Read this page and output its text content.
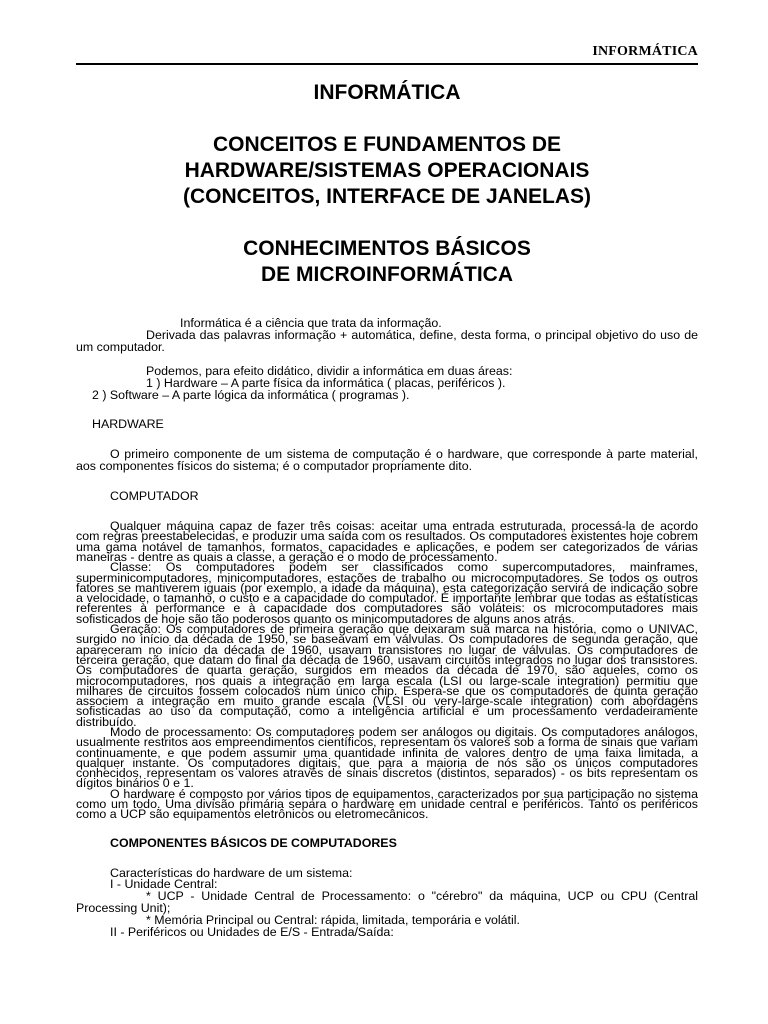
INFORMÁTICA
INFORMÁTICA
CONCEITOS E FUNDAMENTOS DE
HARDWARE/SISTEMAS OPERACIONAIS
(CONCEITOS, INTERFACE DE JANELAS)
CONHECIMENTOS BÁSICOS
DE MICROINFORMÁTICA

Informática é a ciência que trata da informação.

Derivada das palavras informação + automática, define, desta forma, o principal objetivo do uso de um computador.

Podemos, para efeito didático, dividir a informática em duas áreas:

1 ) Hardware – A parte física da informática ( placas, periféricos ).

2 ) Software – A parte lógica da informática ( programas ).

HARDWARE

O primeiro componente de um sistema de computação é o hardware, que corresponde à parte material, aos componentes físicos do sistema; é o computador propriamente dito.

COMPUTADOR

Qualquer máquina capaz de fazer três coisas: aceitar uma entrada estruturada, processá-la de acordo com regras preestabelecidas, e produzir uma saída com os resultados. Os computadores existentes hoje cobrem uma gama notável de tamanhos, formatos, capacidades e aplicações, e podem ser categorizados de várias maneiras - dentre as quais a classe, a geração e o modo de processamento.

Classe: Os computadores podem ser classificados como supercomputadores, mainframes, superminicomputadores, minicomputadores, estações de trabalho ou microcomputadores. Se todos os outros fatores se mantiverem iguais (por exemplo, a idade da máquina), esta categorização servirá de indicação sobre a velocidade, o tamanho, o custo e a capacidade do computador. É importante lembrar que todas as estatísticas referentes à performance e à capacidade dos computadores são voláteis: os microcomputadores mais sofisticados de hoje são tão poderosos quanto os minicomputadores de alguns anos atrás.

Geração: Os computadores de primeira geração que deixaram sua marca na história, como o UNIVAC, surgido no início da década de 1950, se baseavam em válvulas. Os computadores de segunda geração, que apareceram no início da década de 1960, usavam transistores no lugar de válvulas. Os computadores de terceira geração, que datam do final da década de 1960, usavam circuitos integrados no lugar dos transistores. Os computadores de quarta geração, surgidos em meados da década de 1970, são aqueles, como os microcomputadores, nos quais a integração em larga escala (LSI ou large-scale integration) permitiu que milhares de circuitos fossem colocados num único chip. Espera-se que os computadores de quinta geração associem a integração em muito grande escala (VLSI ou very-large-scale integration) com abordagens sofisticadas ao uso da computação, como a inteligência artificial e um processamento verdadeiramente distribuído.

Modo de processamento: Os computadores podem ser análogos ou digitais. Os computadores análogos, usualmente restritos aos empreendimentos científicos, representam os valores sob a forma de sinais que variam continuamente, e que podem assumir uma quantidade infinita de valores dentro de uma faixa limitada, a qualquer instante. Os computadores digitais, que para a maioria de nós são os únicos computadores conhecidos, representam os valores através de sinais discretos (distintos, separados) - os bits representam os dígitos binários 0 e 1.

O hardware é composto por vários tipos de equipamentos, caracterizados por sua participação no sistema como um todo. Uma divisão primária separa o hardware em unidade central e periféricos. Tanto os periféricos como a UCP são equipamentos eletrônicos ou eletromecânicos.

COMPONENTES BÁSICOS DE COMPUTADORES

Características do hardware de um sistema:

I - Unidade Central:

* UCP - Unidade Central de Processamento: o "cérebro" da máquina, UCP ou CPU (Central Processing Unit);

* Memória Principal ou Central: rápida, limitada, temporária e volátil.

II - Periféricos ou Unidades de E/S - Entrada/Saída:
